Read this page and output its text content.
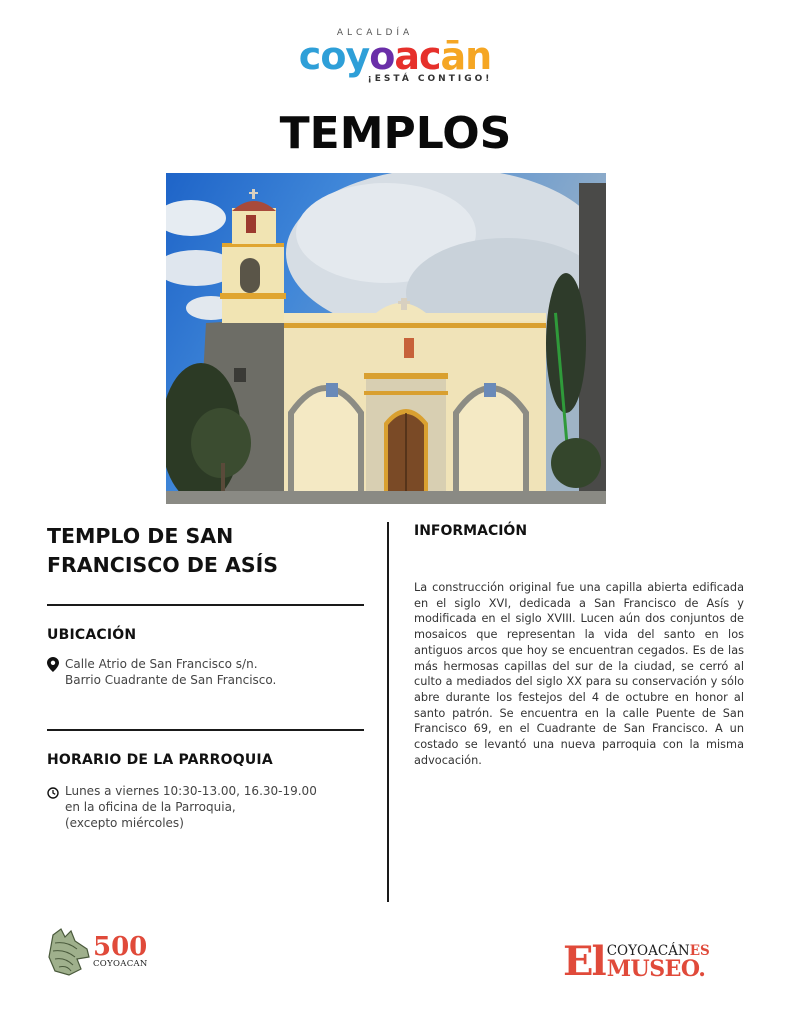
ALCALDÍA
coyoacān
¡ESTÁ CONTIGO!
TEMPLOS
TEMPLO DE SAN FRANCISCO DE ASÍS
UBICACIÓN
Calle Atrio de San Francisco s/n.
Barrio Cuadrante de San Francisco.
HORARIO DE LA PARROQUIA
Lunes a viernes 10:30-13.00, 16.30-19.00
en la oficina de la Parroquia,
(excepto miércoles)
INFORMACIÓN

La construcción original fue una capilla abierta edificada en el siglo XVI, dedicada a San Francisco de Asís y modificada en el siglo XVIII. Lucen aún dos conjuntos de mosaicos que representan la vida del santo en los antiguos arcos que hoy se encuentran cegados. Es de las más hermosas capillas del sur de la ciudad, se cerró al culto a mediados del siglo XX para su conservación y sólo abre durante los festejos del 4 de octubre en honor al santo patrón. Se encuentra en la calle Puente de San Francisco 69, en el Cuadrante de San Francisco. A un costado se levantó una nueva parroquia con la misma advocación.

500
COYOACAN	El COYOACÁNES
MUSEO.
